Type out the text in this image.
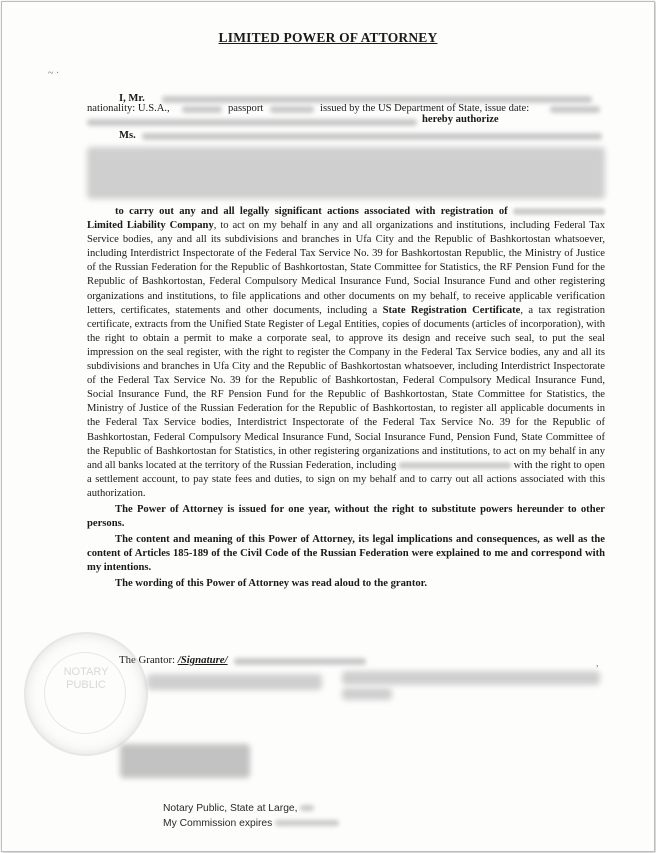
LIMITED POWER OF ATTORNEY
~ ·
I, Mr.
nationality: U.S.A.,	passport	issued by the US Department of State, issue date:
hereby authorize
Ms.

to carry out any and all legally significant actions associated with registration of  Limited Liability Company, to act on my behalf in any and all organizations and institutions, including Federal Tax Service bodies, any and all its subdivisions and branches in Ufa City and the Republic of Bashkortostan whatsoever, including Interdistrict Inspectorate of the Federal Tax Service No. 39 for Bashkortostan Republic, the Ministry of Justice of the Russian Federation for the Republic of Bashkortostan, State Committee for Statistics, the RF Pension Fund for the Republic of Bashkortostan, Federal Compulsory Medical Insurance Fund, Social Insurance Fund and other registering organizations and institutions, to file applications and other documents on my behalf, to receive applicable verification letters, certificates, statements and other documents, including a State Registration Certificate, a tax registration certificate, extracts from the Unified State Register of Legal Entities, copies of documents (articles of incorporation), with the right to obtain a permit to make a corporate seal, to approve its design and receive such seal, to put the seal impression on the seal register, with the right to register the Company in the Federal Tax Service bodies, any and all its subdivisions and branches in Ufa City and the Republic of Bashkortostan whatsoever, including Interdistrict Inspectorate of the Federal Tax Service No. 39 for the Republic of Bashkortostan, Federal Compulsory Medical Insurance Fund, Social Insurance Fund, the RF Pension Fund for the Republic of Bashkortostan, State Committee for Statistics, the Ministry of Justice of the Russian Federation for the Republic of Bashkortostan, to register all applicable documents in the Federal Tax Service bodies, Interdistrict Inspectorate of the Federal Tax Service No. 39 for the Republic of Bashkortostan, Federal Compulsory Medical Insurance Fund, Social Insurance Fund, Pension Fund, State Committee of the Republic of Bashkortostan for Statistics, in other registering organizations and institutions, to act on my behalf in any and all banks located at the territory of the Russian Federation, including	with the right to open a settlement account, to pay state fees and duties, to sign on my behalf and to carry out all actions associated with this authorization.

The Power of Attorney is issued for one year, without the right to substitute powers hereunder to other persons.

The content and meaning of this Power of Attorney, its legal implications and consequences, as well as the content of Articles 185-189 of the Civil Code of the Russian Federation were explained to me and correspond with my intentions.

The wording of this Power of Attorney was read aloud to the grantor.

The Grantor: /Signature/	,
NOTARY
PUBLIC
Notary Public, State at Large,
My Commission expires
